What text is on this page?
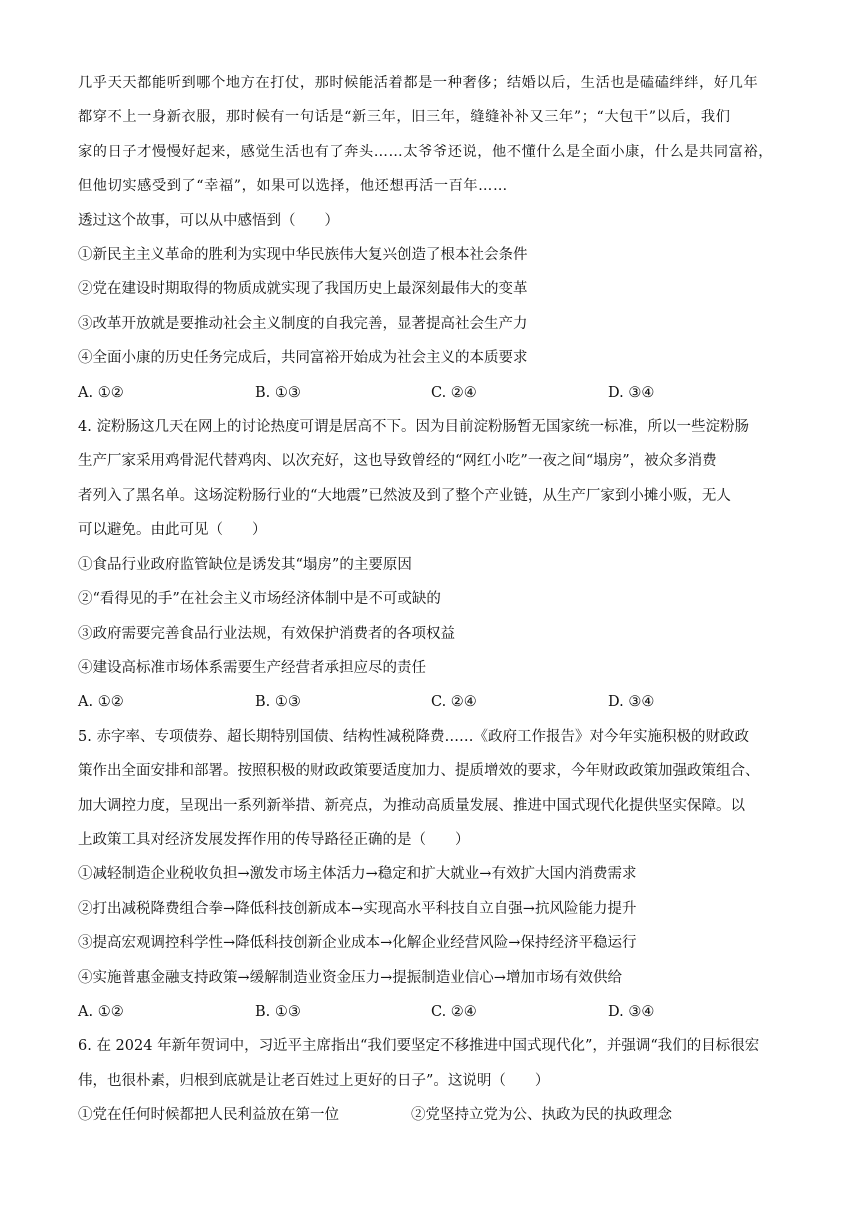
几乎天天都能听到哪个地方在打仗，那时候能活着都是一种奢侈；结婚以后，生活也是磕磕绊绊，好几年
都穿不上一身新衣服，那时候有一句话是“新三年，旧三年，缝缝补补又三年”；“大包干”以后，我们
家的日子才慢慢好起来，感觉生活也有了奔头……太爷爷还说，他不懂什么是全面小康，什么是共同富裕，
但他切实感受到了“幸福”，如果可以选择，他还想再活一百年……
透过这个故事，可以从中感悟到（　　）
①新民主主义革命的胜利为实现中华民族伟大复兴创造了根本社会条件
②党在建设时期取得的物质成就实现了我国历史上最深刻最伟大的变革
③改革开放就是要推动社会主义制度的自我完善，显著提高社会生产力
④全面小康的历史任务完成后，共同富裕开始成为社会主义的本质要求
A. ①②	B. ①③	C. ②④	D. ③④
4. 淀粉肠这几天在网上的讨论热度可谓是居高不下。因为目前淀粉肠暂无国家统一标准，所以一些淀粉肠
生产厂家采用鸡骨泥代替鸡肉、以次充好，这也导致曾经的“网红小吃”一夜之间“塌房”，被众多消费
者列入了黑名单。这场淀粉肠行业的“大地震”已然波及到了整个产业链，从生产厂家到小摊小贩，无人
可以避免。由此可见（　　）
①食品行业政府监管缺位是诱发其“塌房”的主要原因
②“看得见的手”在社会主义市场经济体制中是不可或缺的
③政府需要完善食品行业法规，有效保护消费者的各项权益
④建设高标准市场体系需要生产经营者承担应尽的责任
A. ①②	B. ①③	C. ②④	D. ③④
5. 赤字率、专项债券、超长期特别国债、结构性减税降费……《政府工作报告》对今年实施积极的财政政
策作出全面安排和部署。按照积极的财政政策要适度加力、提质增效的要求，今年财政政策加强政策组合、
加大调控力度，呈现出一系列新举措、新亮点，为推动高质量发展、推进中国式现代化提供坚实保障。以
上政策工具对经济发展发挥作用的传导路径正确的是（　　）
①减轻制造企业税收负担→激发市场主体活力→稳定和扩大就业→有效扩大国内消费需求
②打出减税降费组合拳→降低科技创新成本→实现高水平科技自立自强→抗风险能力提升
③提高宏观调控科学性→降低科技创新企业成本→化解企业经营风险→保持经济平稳运行
④实施普惠金融支持政策→缓解制造业资金压力→提振制造业信心→增加市场有效供给
A. ①②	B. ①③	C. ②④	D. ③④
6. 在 2024 年新年贺词中，习近平主席指出“我们要坚定不移推进中国式现代化”，并强调“我们的目标很宏
伟，也很朴素，归根到底就是让老百姓过上更好的日子”。这说明（　　）
①党在任何时候都把人民利益放在第一位	②党坚持立党为公、执政为民的执政理念
